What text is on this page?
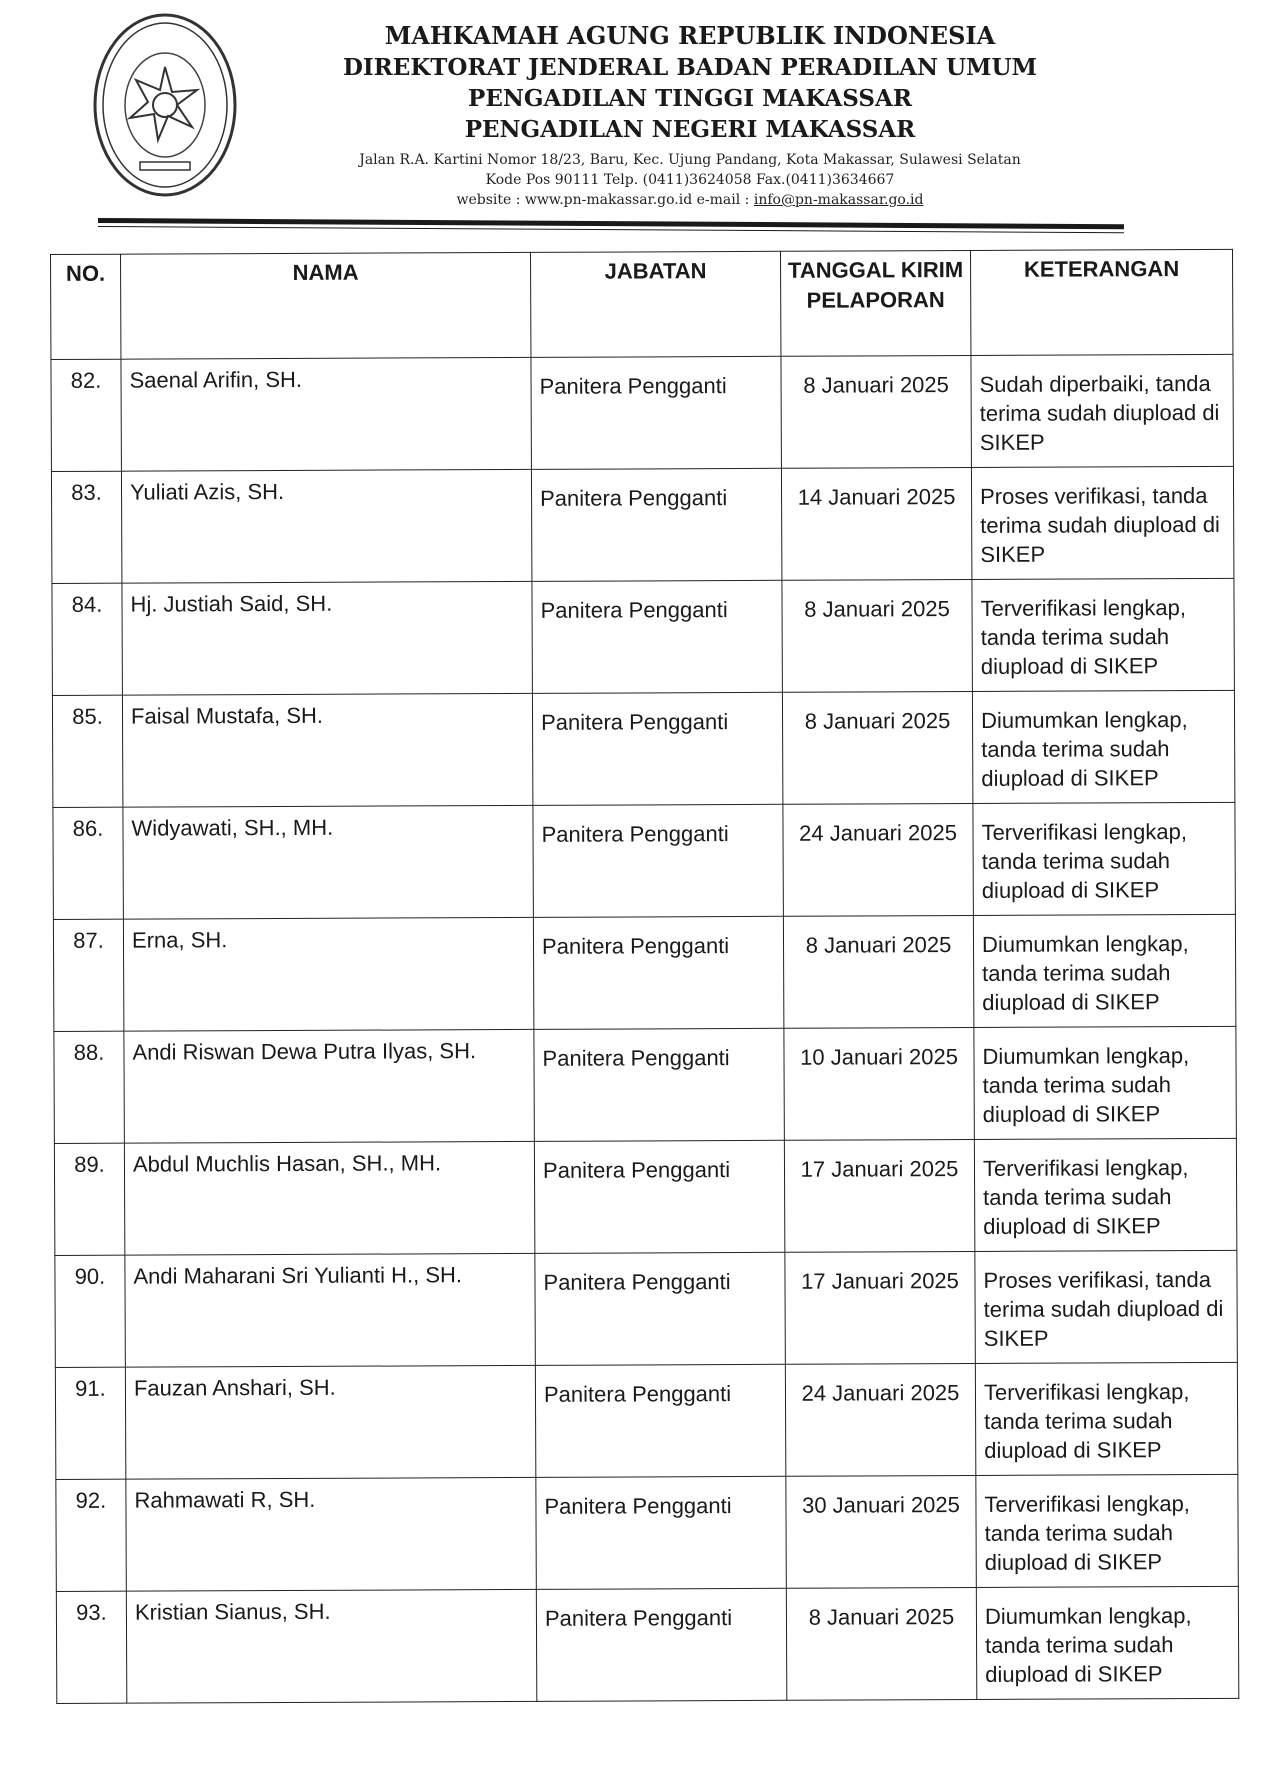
MAHKAMAH AGUNG REPUBLIK INDONESIA
DIREKTORAT JENDERAL BADAN PERADILAN UMUM
PENGADILAN TINGGI MAKASSAR
PENGADILAN NEGERI MAKASSAR
Jalan R.A. Kartini Nomor 18/23, Baru, Kec. Ujung Pandang, Kota Makassar, Sulawesi Selatan
Kode Pos 90111 Telp. (0411)3624058 Fax.(0411)3634667
website : www.pn-makassar.go.id e-mail : info@pn-makassar.go.id
NO.	NAMA	JABATAN	TANGGAL KIRIM PELAPORAN	KETERANGAN
82.	Saenal Arifin, SH.	Panitera Pengganti	8 Januari 2025	Sudah diperbaiki, tanda terima sudah diupload di SIKEP
83.	Yuliati Azis, SH.	Panitera Pengganti	14 Januari 2025	Proses verifikasi, tanda terima sudah diupload di SIKEP
84.	Hj. Justiah Said, SH.	Panitera Pengganti	8 Januari 2025	Terverifikasi lengkap, tanda terima sudah diupload di SIKEP
85.	Faisal Mustafa, SH.	Panitera Pengganti	8 Januari 2025	Diumumkan lengkap, tanda terima sudah diupload di SIKEP
86.	Widyawati, SH., MH.	Panitera Pengganti	24 Januari 2025	Terverifikasi lengkap, tanda terima sudah diupload di SIKEP
87.	Erna, SH.	Panitera Pengganti	8 Januari 2025	Diumumkan lengkap, tanda terima sudah diupload di SIKEP
88.	Andi Riswan Dewa Putra Ilyas, SH.	Panitera Pengganti	10 Januari 2025	Diumumkan lengkap, tanda terima sudah diupload di SIKEP
89.	Abdul Muchlis Hasan, SH., MH.	Panitera Pengganti	17 Januari 2025	Terverifikasi lengkap, tanda terima sudah diupload di SIKEP
90.	Andi Maharani Sri Yulianti H., SH.	Panitera Pengganti	17 Januari 2025	Proses verifikasi, tanda terima sudah diupload di SIKEP
91.	Fauzan Anshari, SH.	Panitera Pengganti	24 Januari 2025	Terverifikasi lengkap, tanda terima sudah diupload di SIKEP
92.	Rahmawati R, SH.	Panitera Pengganti	30 Januari 2025	Terverifikasi lengkap, tanda terima sudah diupload di SIKEP
93.	Kristian Sianus, SH.	Panitera Pengganti	8 Januari 2025	Diumumkan lengkap, tanda terima sudah diupload di SIKEP
